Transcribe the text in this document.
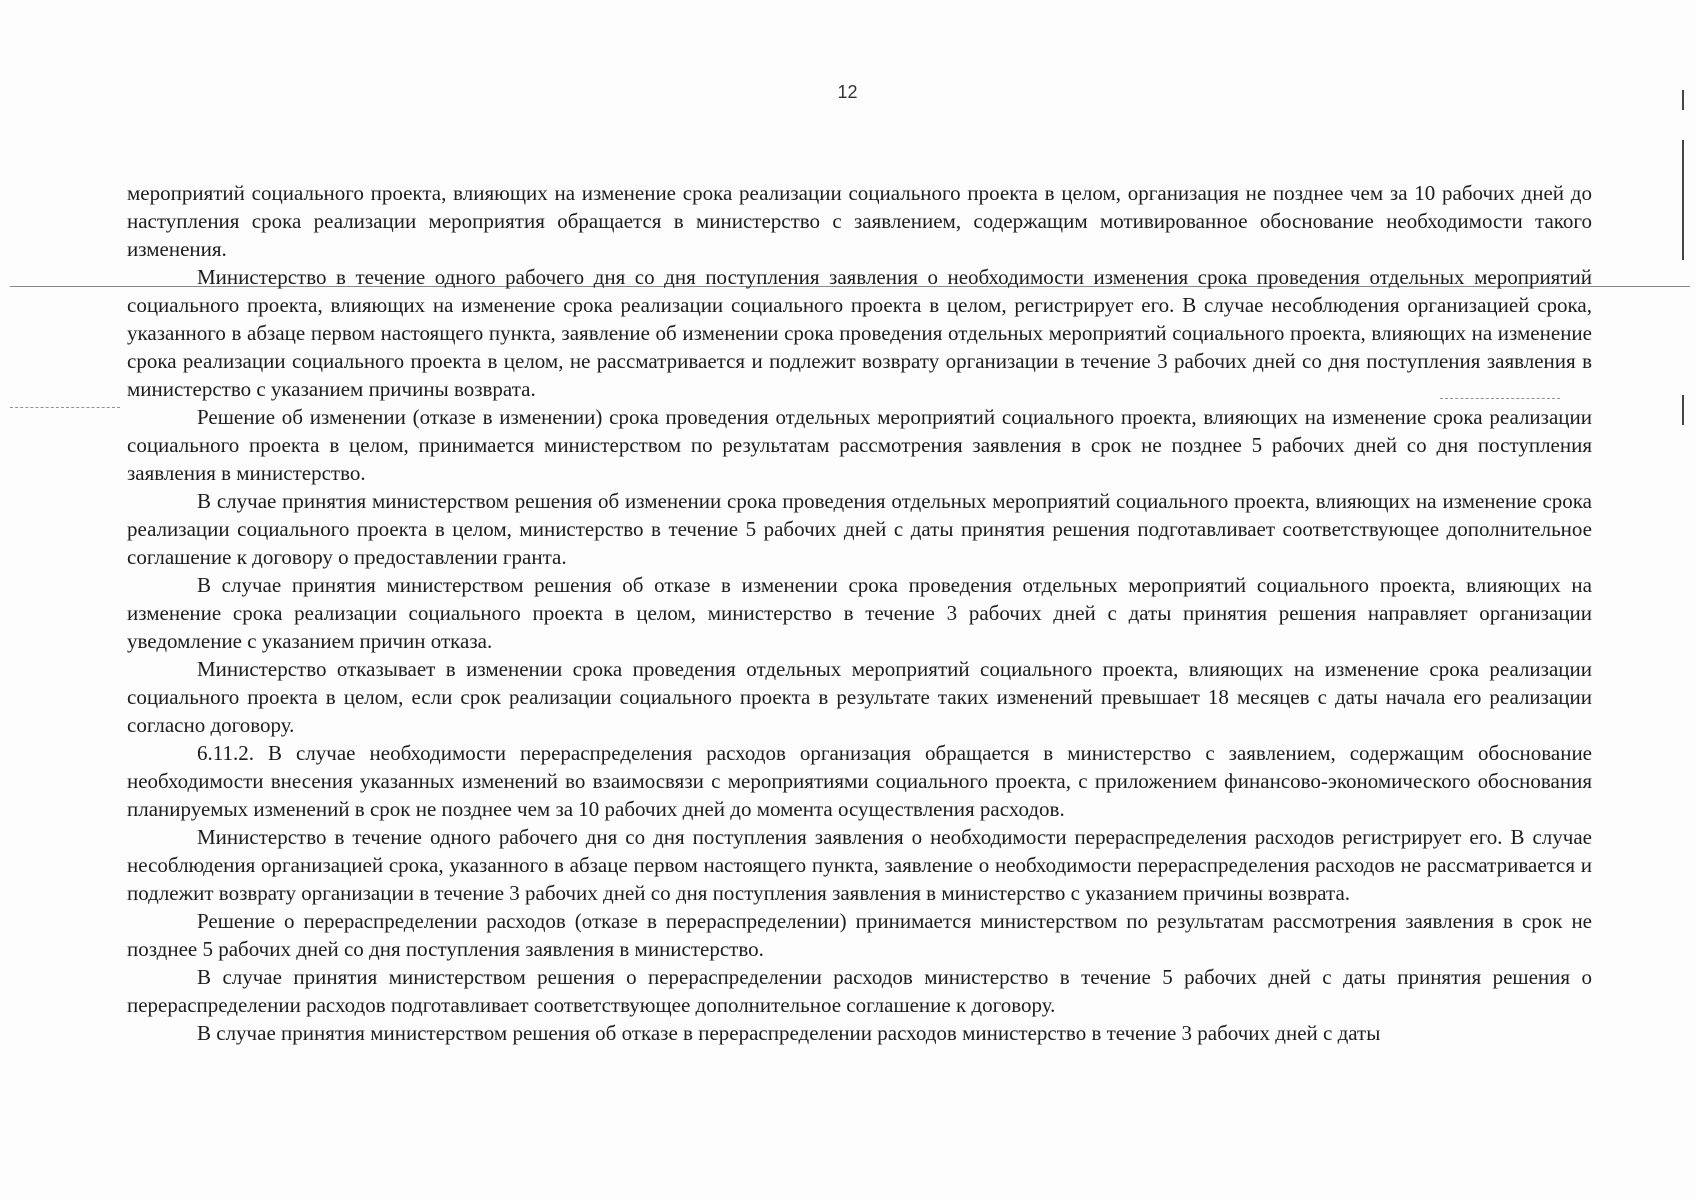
12

мероприятий социального проекта, влияющих на изменение срока реализации социального проекта в целом, организация не позднее чем за 10 рабочих дней до наступления срока реализации мероприятия обращается в министерство с заявлением, содержащим мотивированное обоснование необходимости такого изменения.

Министерство в течение одного рабочего дня со дня поступления заявления о необходимости изменения срока проведения отдельных мероприятий социального проекта, влияющих на изменение срока реализации социального проекта в целом, регистрирует его. В случае несоблюдения организацией срока, указанного в абзаце первом настоящего пункта, заявление об изменении срока проведения отдельных мероприятий социального проекта, влияющих на изменение срока реализации социального проекта в целом, не рассматривается и подлежит возврату организации в течение 3 рабочих дней со дня поступления заявления в министерство с указанием причины возврата.

Решение об изменении (отказе в изменении) срока проведения отдельных мероприятий социального проекта, влияющих на изменение срока реализации социального проекта в целом, принимается министерством по результатам рассмотрения заявления в срок не позднее 5 рабочих дней со дня поступления заявления в министерство.

В случае принятия министерством решения об изменении срока проведения отдельных мероприятий социального проекта, влияющих на изменение срока реализации социального проекта в целом, министерство в течение 5 рабочих дней с даты принятия решения подготавливает соответствующее дополнительное соглашение к договору о предоставлении гранта.

В случае принятия министерством решения об отказе в изменении срока проведения отдельных мероприятий социального проекта, влияющих на изменение срока реализации социального проекта в целом, министерство в течение 3 рабочих дней с даты принятия решения направляет организации уведомление с указанием причин отказа.

Министерство отказывает в изменении срока проведения отдельных мероприятий социального проекта, влияющих на изменение срока реализации социального проекта в целом, если срок реализации социального проекта в результате таких изменений превышает 18 месяцев с даты начала его реализации согласно договору.

6.11.2. В случае необходимости перераспределения расходов организация обращается в министерство с заявлением, содержащим обоснование необходимости внесения указанных изменений во взаимосвязи с мероприятиями социального проекта, с приложением финансово-экономического обоснования планируемых изменений в срок не позднее чем за 10 рабочих дней до момента осуществления расходов.

Министерство в течение одного рабочего дня со дня поступления заявления о необходимости перераспределения расходов регистрирует его. В случае несоблюдения организацией срока, указанного в абзаце первом настоящего пункта, заявление о необходимости перераспределения расходов не рассматривается и подлежит возврату организации в течение 3 рабочих дней со дня поступления заявления в министерство с указанием причины возврата.

Решение о перераспределении расходов (отказе в перераспределении) принимается министерством по результатам рассмотрения заявления в срок не позднее 5 рабочих дней со дня поступления заявления в министерство.

В случае принятия министерством решения о перераспределении расходов министерство в течение 5 рабочих дней с даты принятия решения о перераспределении расходов подготавливает соответствующее дополнительное соглашение к договору.

В случае принятия министерством решения об отказе в перераспределении расходов министерство в течение 3 рабочих дней с даты
